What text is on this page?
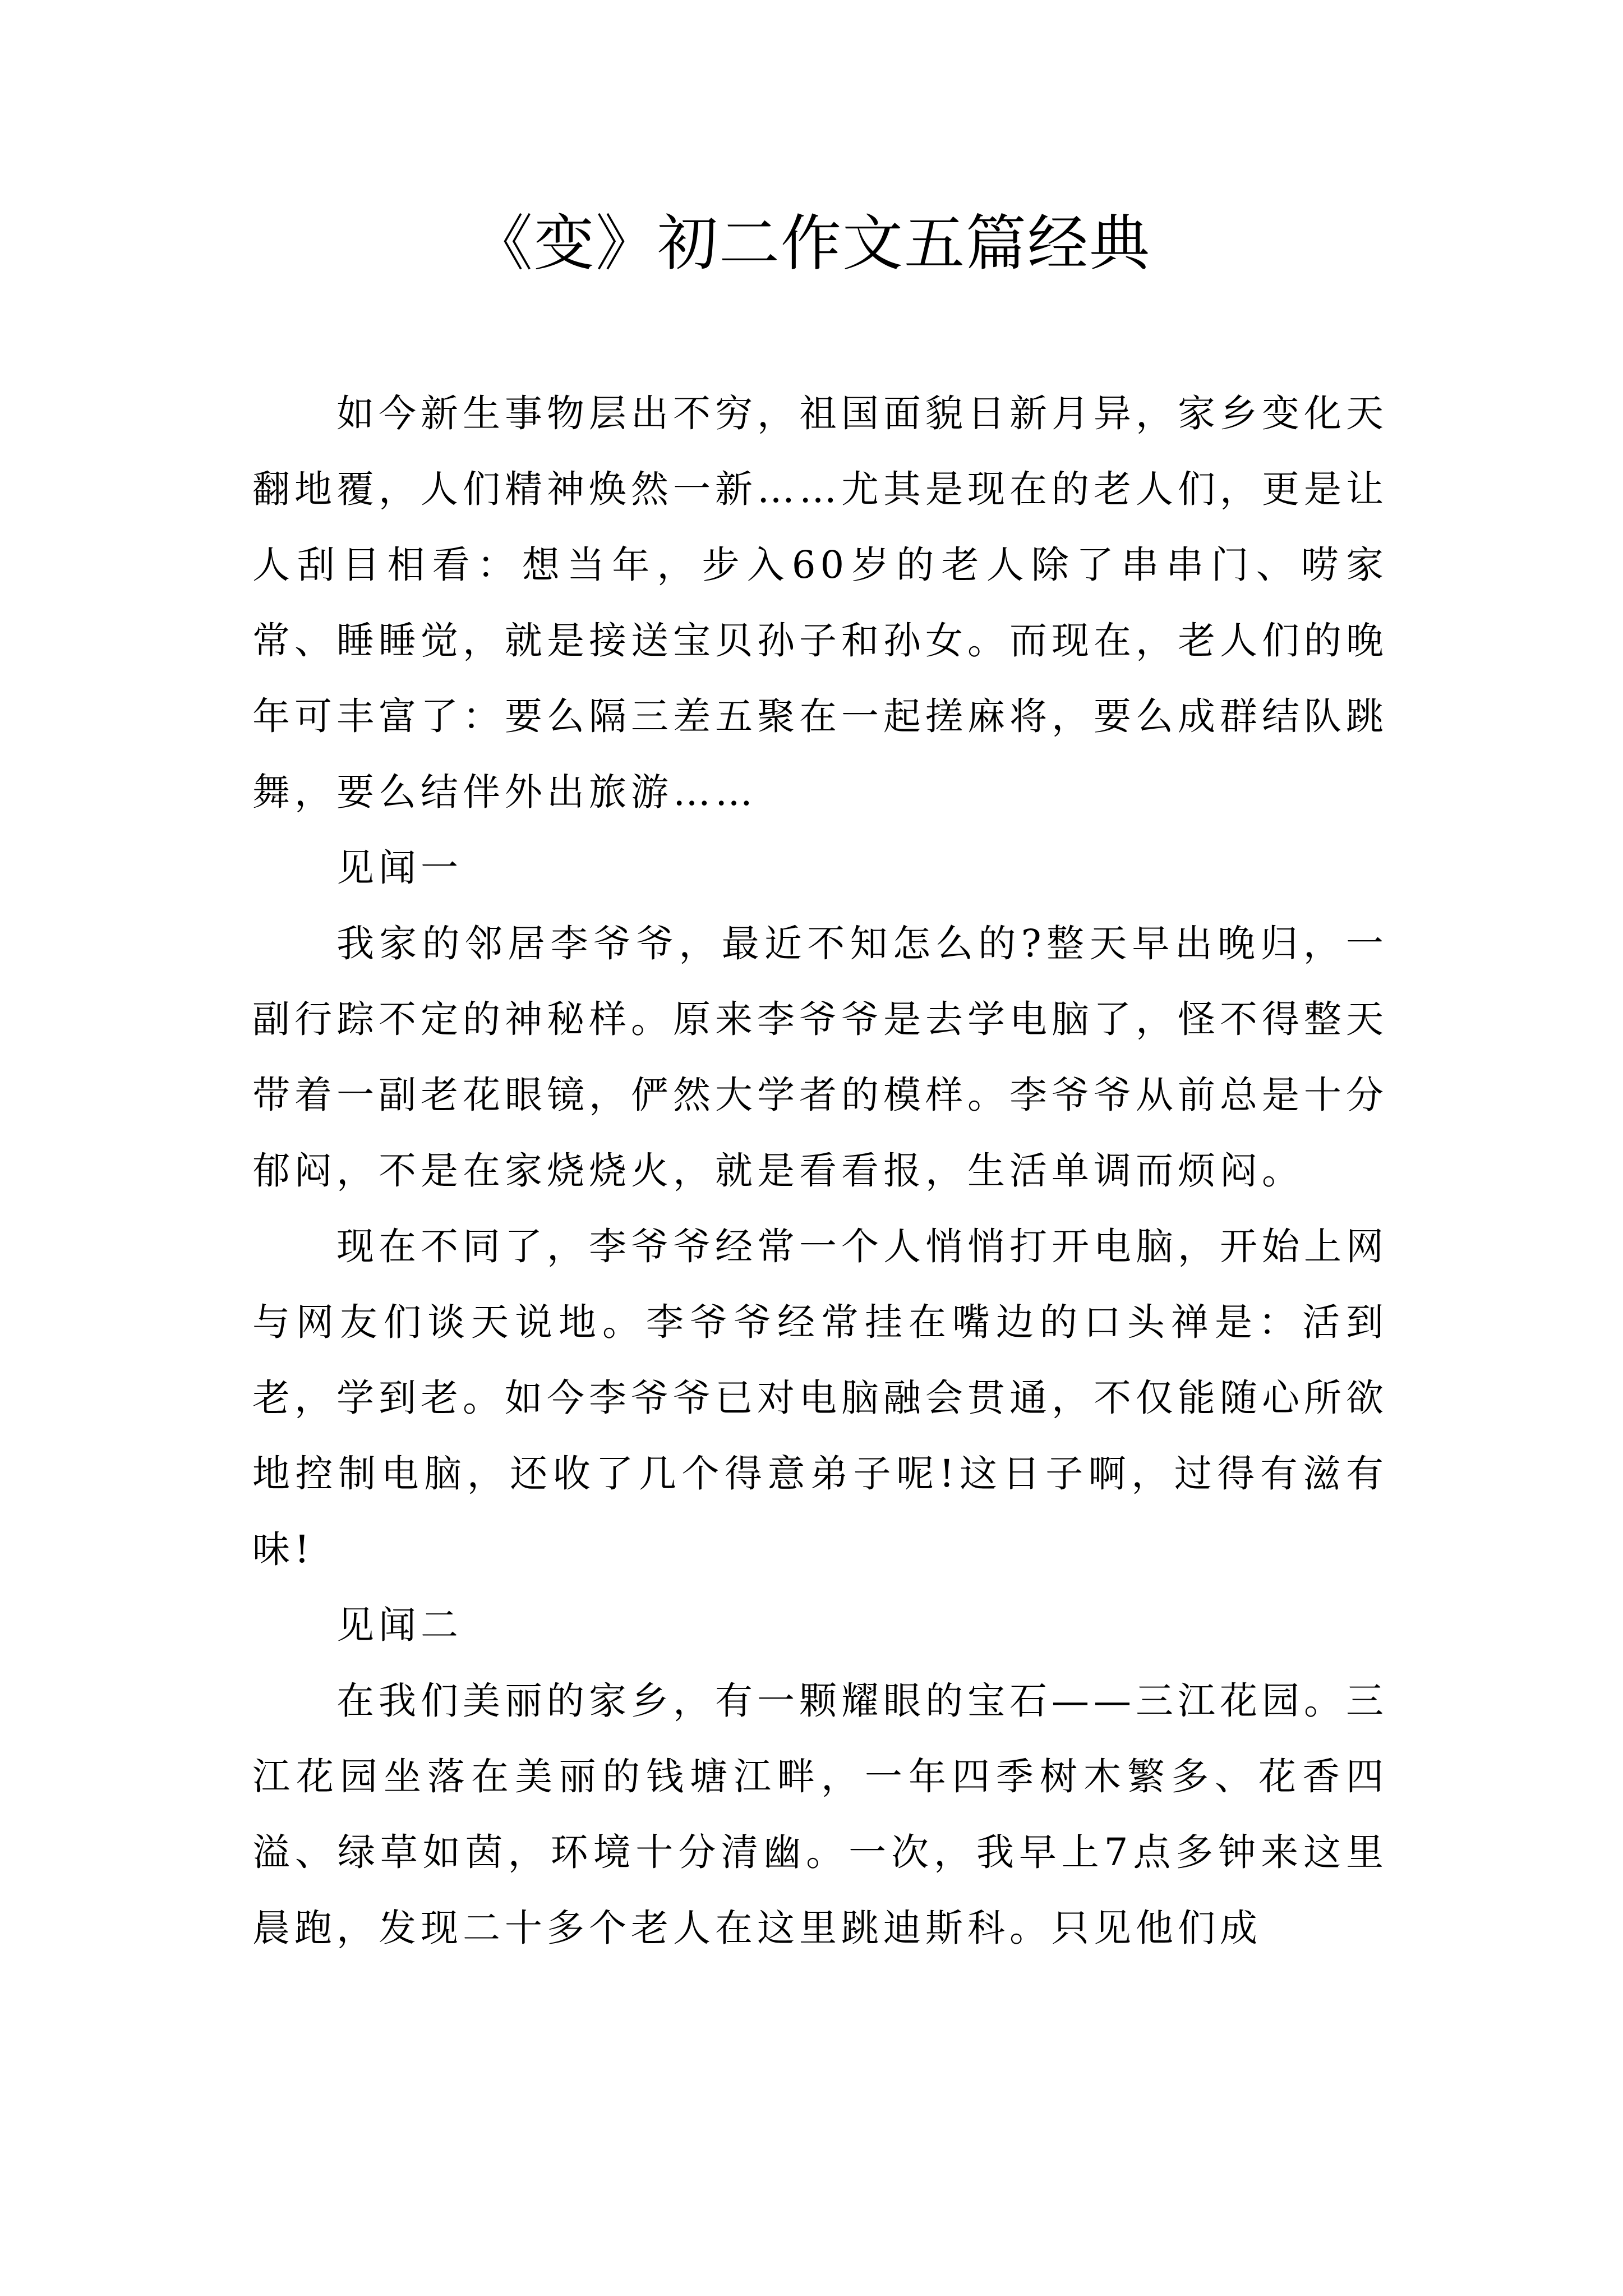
《变》初二作文五篇经典

如今新生事物层出不穷，祖国面貌日新月异，家乡变化天翻地覆，人们精神焕然一新……尤其是现在的老人们，更是让人刮目相看：想当年，步入60岁的老人除了串串门、唠家常、睡睡觉，就是接送宝贝孙子和孙女。而现在，老人们的晚年可丰富了：要么隔三差五聚在一起搓麻将，要么成群结队跳舞，要么结伴外出旅游……

见闻一

我家的邻居李爷爷，最近不知怎么的?整天早出晚归，一副行踪不定的神秘样。原来李爷爷是去学电脑了，怪不得整天带着一副老花眼镜，俨然大学者的模样。李爷爷从前总是十分郁闷，不是在家烧烧火，就是看看报，生活单调而烦闷。

现在不同了，李爷爷经常一个人悄悄打开电脑，开始上网与网友们谈天说地。李爷爷经常挂在嘴边的口头禅是：活到老，学到老。如今李爷爷已对电脑融会贯通，不仅能随心所欲地控制电脑，还收了几个得意弟子呢!这日子啊，过得有滋有味!

见闻二

在我们美丽的家乡，有一颗耀眼的宝石——三江花园。三江花园坐落在美丽的钱塘江畔，一年四季树木繁多、花香四溢、绿草如茵，环境十分清幽。一次，我早上7点多钟来这里晨跑，发现二十多个老人在这里跳迪斯科。只见他们成
